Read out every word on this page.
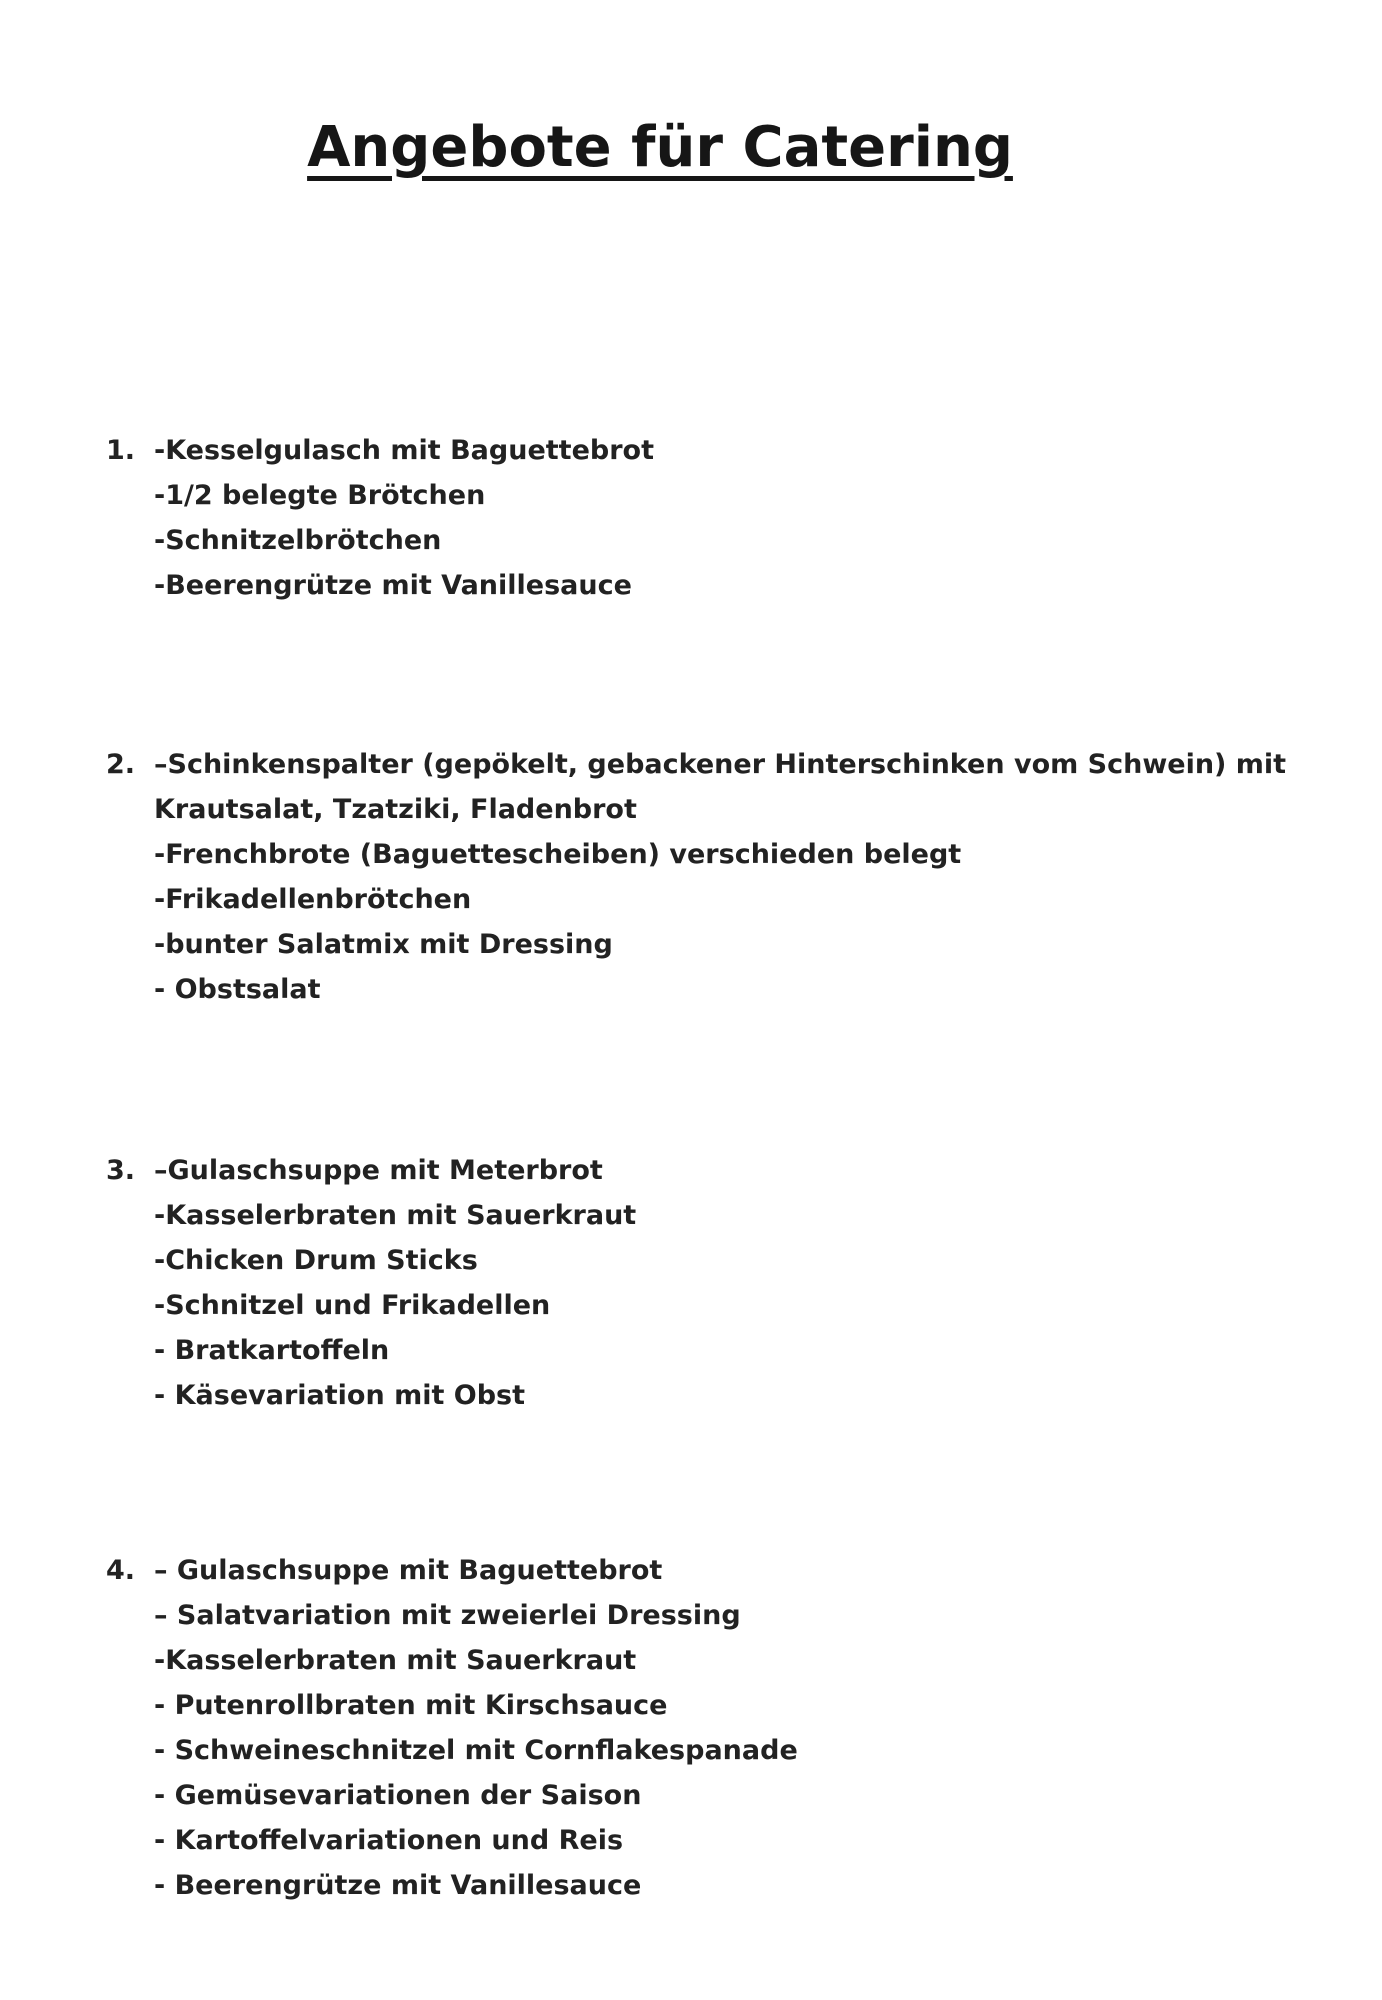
Angebote für Catering
1. -Kesselgulasch mit Baguettebrot
-1/2 belegte Brötchen
-Schnitzelbrötchen
-Beerengrütze mit Vanillesauce
2. –Schinkenspalter (gepökelt, gebackener Hinterschinken vom Schwein) mit
Krautsalat, Tzatziki, Fladenbrot
-Frenchbrote (Baguettescheiben) verschieden belegt
-Frikadellenbrötchen
-bunter Salatmix mit Dressing
- Obstsalat
3. –Gulaschsuppe mit Meterbrot
-Kasselerbraten mit Sauerkraut
-Chicken Drum Sticks
-Schnitzel und Frikadellen
- Bratkartoffeln
- Käsevariation mit Obst
4. – Gulaschsuppe mit Baguettebrot
– Salatvariation mit zweierlei Dressing
-Kasselerbraten mit Sauerkraut
- Putenrollbraten mit Kirschsauce
- Schweineschnitzel mit Cornflakespanade
- Gemüsevariationen der Saison
- Kartoffelvariationen und Reis
- Beerengrütze mit Vanillesauce
